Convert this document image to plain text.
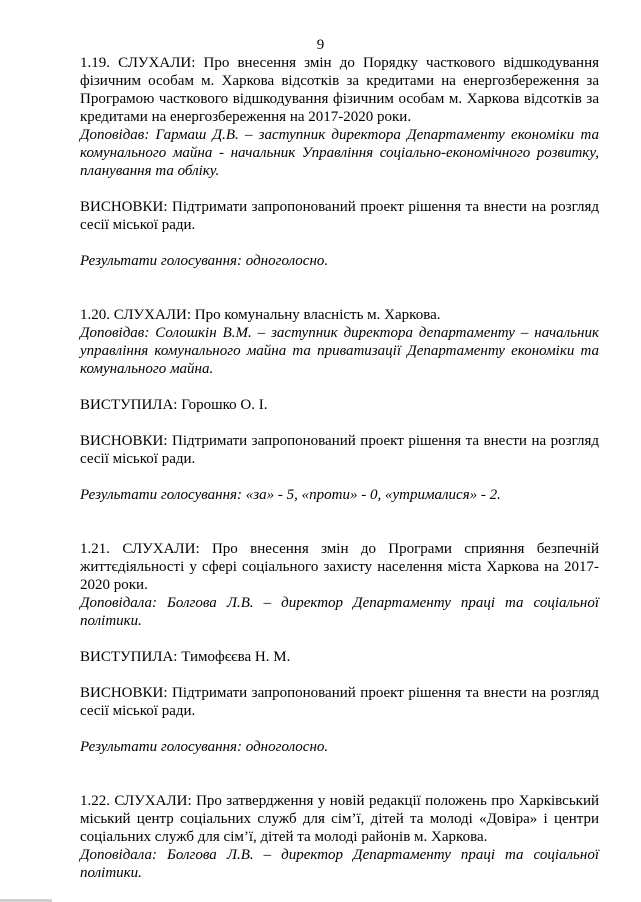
9

1.19. СЛУХАЛИ: Про внесення змін до Порядку часткового відшкодування фізичним особам м. Харкова відсотків за кредитами на енергозбереження за Програмою часткового відшкодування фізичним особам м. Харкова відсотків за кредитами на енергозбереження на 2017-2020 роки.

Доповідав: Гармаш Д.В. – заступник директора Департаменту економіки та комунального майна - начальник Управління соціально-економічного розвитку, планування та обліку.

ВИСНОВКИ: Підтримати запропонований проект рішення та внести на розгляд сесії міської ради.

Результати голосування: одноголосно.

1.20. СЛУХАЛИ: Про комунальну власність м. Харкова.

Доповідав: Солошкін В.М. – заступник директора департаменту – начальник управління комунального майна та приватизації Департаменту економіки та комунального майна.

ВИСТУПИЛА: Горошко О. І.

ВИСНОВКИ: Підтримати запропонований проект рішення та внести на розгляд сесії міської ради.

Результати голосування: «за» - 5, «проти» - 0, «утрималися» - 2.

1.21. СЛУХАЛИ: Про внесення змін до Програми сприяння безпечній життєдіяльності у сфері соціального захисту населення міста Харкова на 2017-2020 роки.

Доповідала: Болгова Л.В. – директор Департаменту праці та соціальної політики.

ВИСТУПИЛА: Тимофєєва Н. М.

ВИСНОВКИ: Підтримати запропонований проект рішення та внести на розгляд сесії міської ради.

Результати голосування: одноголосно.

1.22. СЛУХАЛИ: Про затвердження у новій редакції положень про Харківський міський центр соціальних служб для сім’ї, дітей та молоді «Довіра» і центри соціальних служб для сім’ї, дітей та молоді районів м. Харкова.

Доповідала: Болгова Л.В. – директор Департаменту праці та соціальної політики.
